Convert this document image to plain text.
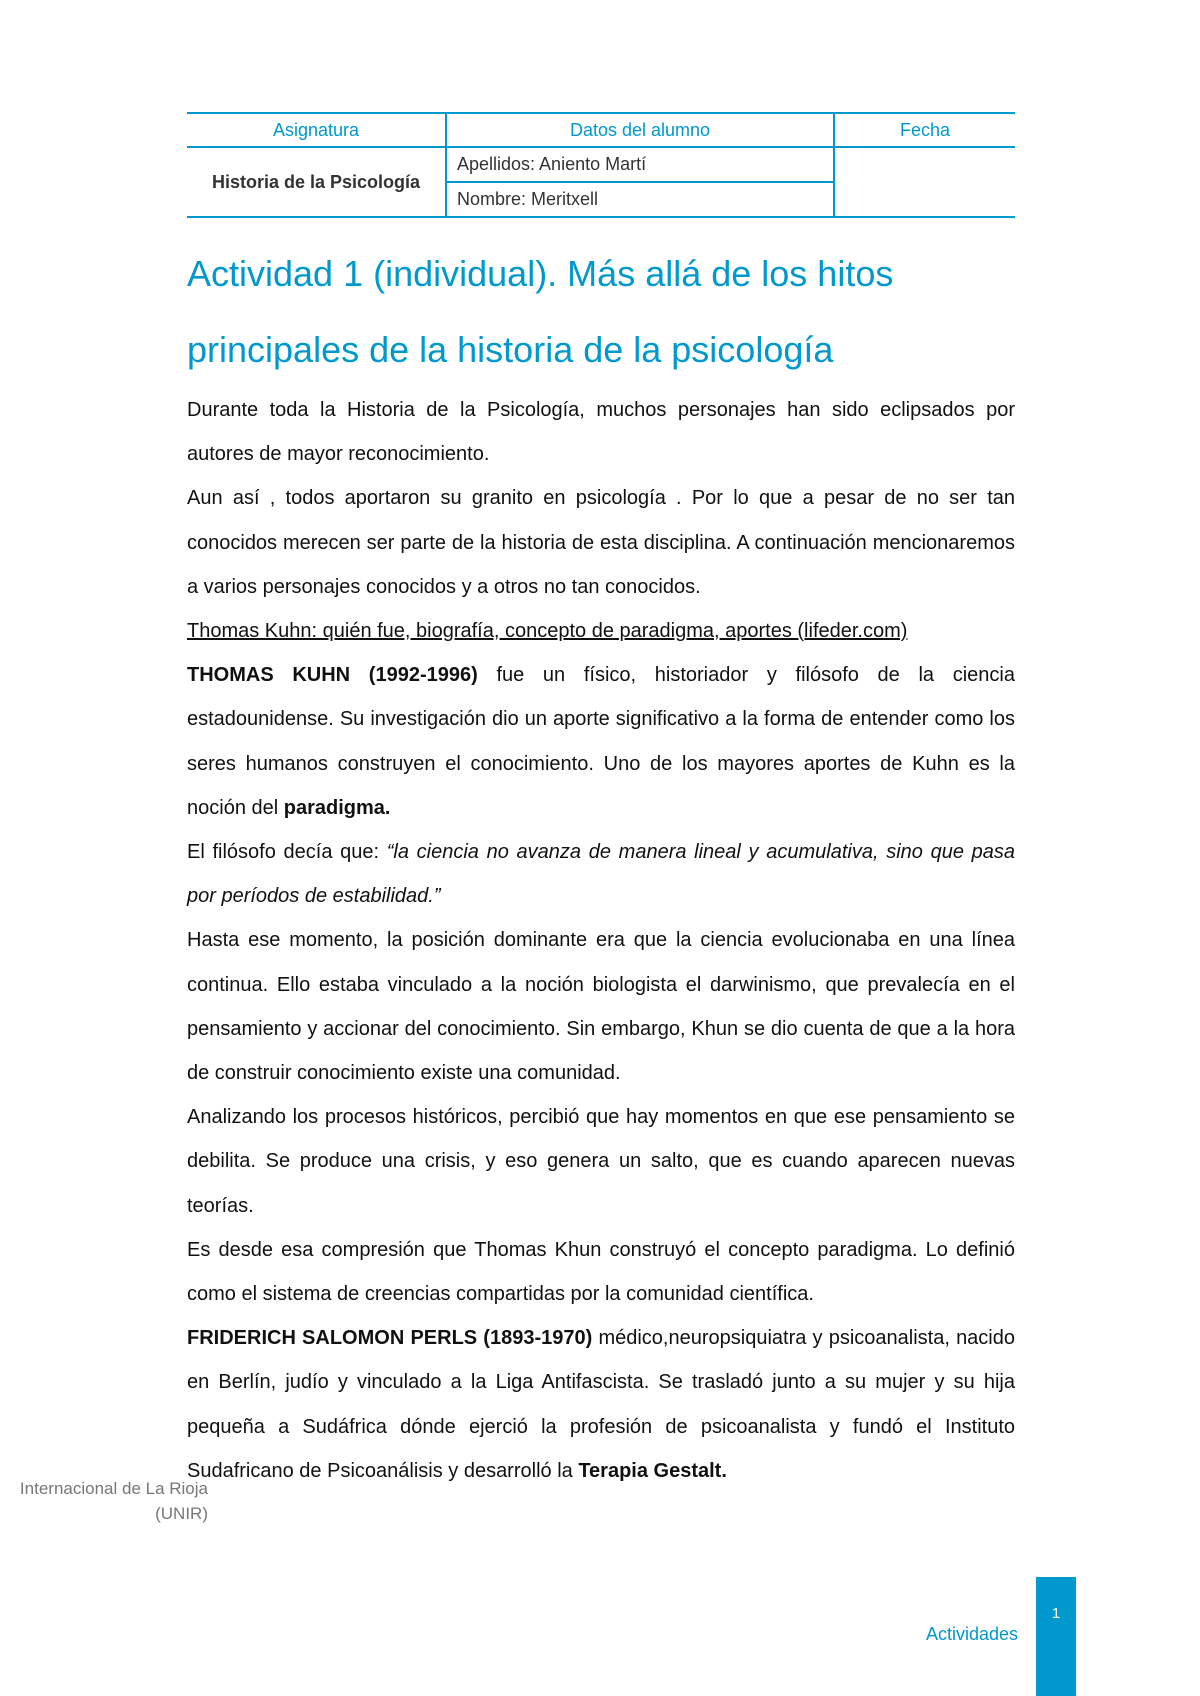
Asignatura	Datos del alumno	Fecha
Historia de la Psicología	Apellidos: Aniento Martí	
	Nombre: Meritxell	
Actividad 1 (individual). Más allá de los hitos principales de la historia de la psicología

Durante toda la Historia de la Psicología, muchos personajes han sido eclipsados por autores de mayor reconocimiento.

Aun así , todos aportaron su granito en psicología . Por lo que a pesar de no ser tan conocidos merecen ser parte de la historia de esta disciplina. A continuación mencionaremos a varios personajes conocidos y a otros no tan conocidos.

Thomas Kuhn: quién fue, biografía, concepto de paradigma, aportes (lifeder.com)

THOMAS KUHN (1992-1996) fue un físico, historiador y filósofo de la ciencia estadounidense. Su investigación dio un aporte significativo a la forma de entender como los seres humanos construyen el conocimiento. Uno de los mayores aportes de Kuhn es la noción del paradigma.

El filósofo decía que: “la ciencia no avanza de manera lineal y acumulativa, sino que pasa por períodos de estabilidad.”

Hasta ese momento, la posición dominante era que la ciencia evolucionaba en una línea continua. Ello estaba vinculado a la noción biologista el darwinismo, que prevalecía en el pensamiento y accionar del conocimiento. Sin embargo, Khun se dio cuenta de que a la hora de construir conocimiento existe una comunidad.

Analizando los procesos históricos, percibió que hay momentos en que ese pensamiento se debilita. Se produce una crisis, y eso genera un salto, que es cuando aparecen nuevas teorías.

Es desde esa compresión que Thomas Khun construyó el concepto paradigma. Lo definió como el sistema de creencias compartidas por la comunidad científica.

FRIDERICH SALOMON PERLS (1893-1970) médico,neuropsiquiatra y psicoanalista, nacido en Berlín, judío y vinculado a la Liga Antifascista. Se trasladó junto a su mujer y su hija pequeña a Sudáfrica dónde ejerció la profesión de psicoanalista y fundó el Instituto Sudafricano de Psicoanálisis y desarrolló la Terapia Gestalt.

Internacional de La Rioja
(UNIR)
Actividades
1
